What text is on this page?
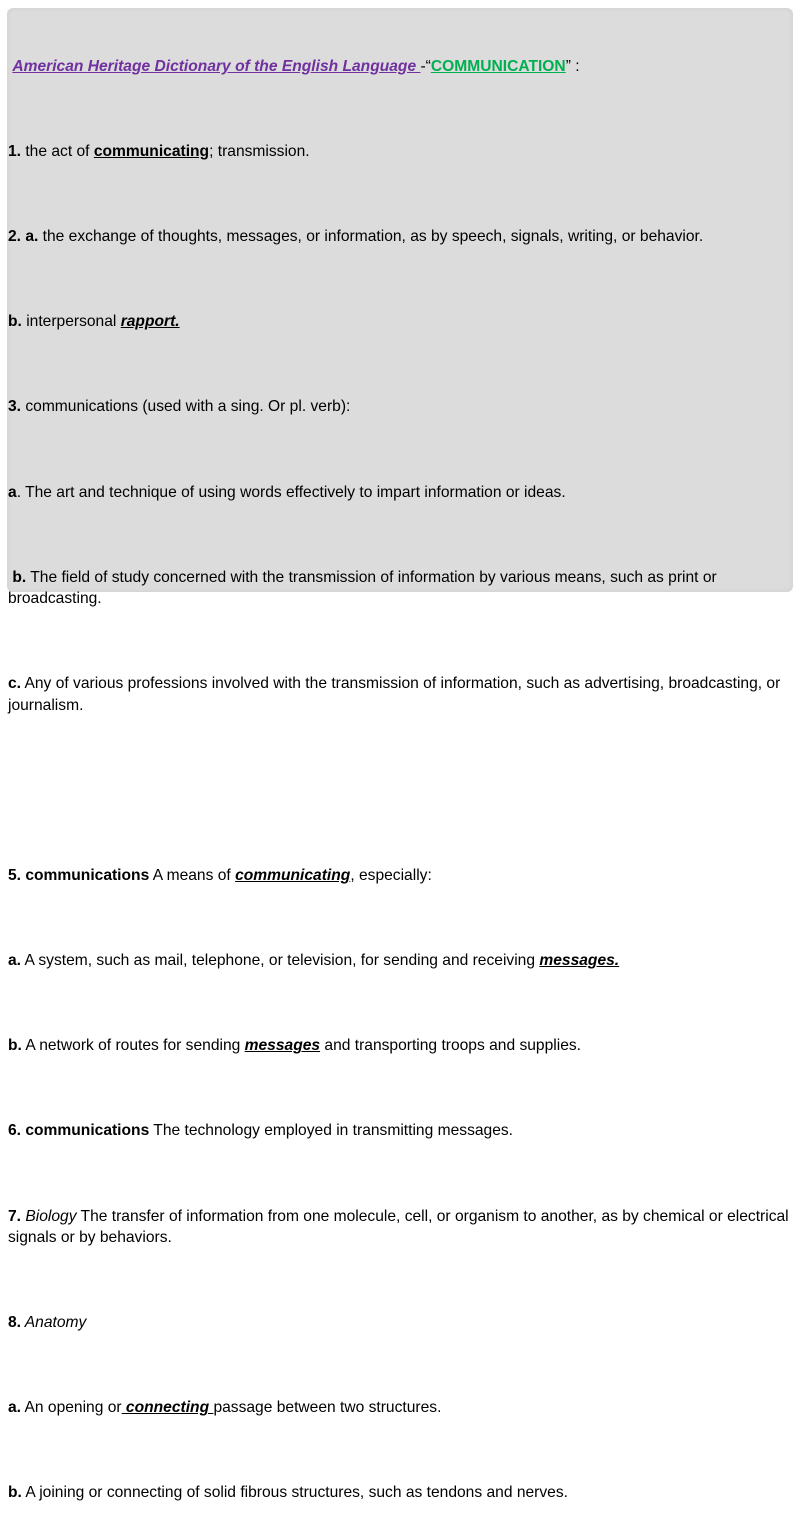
American Heritage Dictionary of the English Language -“COMMUNICATION” :

1. the act of communicating; transmission.

2. a. the exchange of thoughts, messages, or information, as by speech, signals, writing, or behavior.

b. interpersonal rapport.

3. communications (used with a sing. Or pl. verb):

a. The art and technique of using words effectively to impart information or ideas.

b. The field of study concerned with the transmission of information by various means, such as print or broadcasting.

c. Any of various professions involved with the transmission of information, such as advertising, broadcasting, or journalism.

5. communications A means of communicating, especially:

a. A system, such as mail, telephone, or television, for sending and receiving messages.

b. A network of routes for sending messages and transporting troops and supplies.

6. communications The technology employed in transmitting messages.

7. Biology The transfer of information from one molecule, cell, or organism to another, as by chemical or electrical signals or by behaviors.

8. Anatomy

a. An opening or connecting passage between two structures.

b. A joining or connecting of solid fibrous structures, such as tendons and nerves.
